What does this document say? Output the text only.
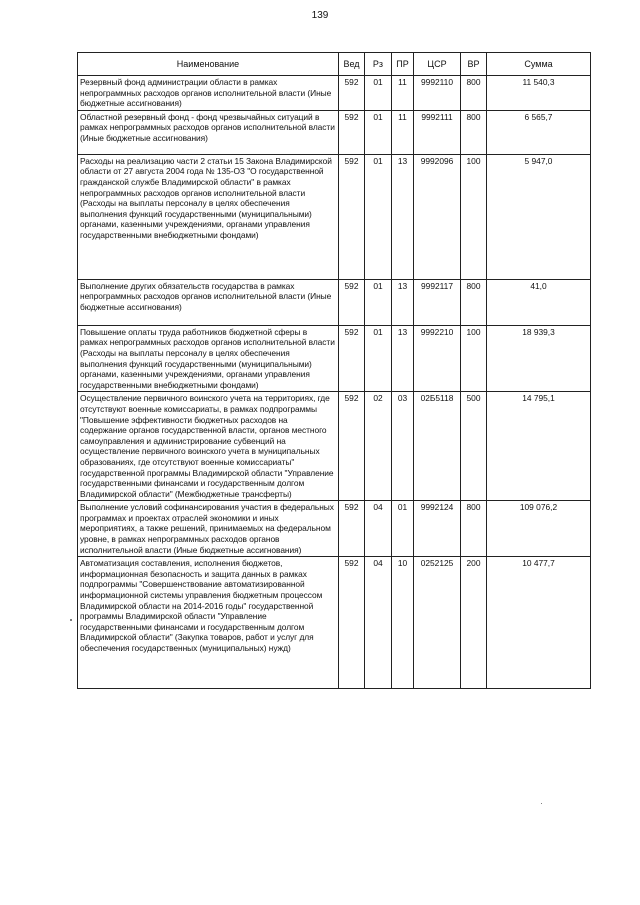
139
Наименование	Вед	Рз	ПР	ЦСР	ВР	Сумма
Резервный фонд администрации области в рамках непрограммных расходов органов исполнительной власти (Иные бюджетные ассигнования)	592	01	11	9992110	800	11 540,3
Областной резервный фонд - фонд чрезвычайных ситуаций в рамках непрограммных расходов органов исполнительной власти (Иные бюджетные ассигнования)	592	01	11	9992111	800	6 565,7
Расходы на реализацию части 2 статьи 15 Закона Владимирской области от 27 августа 2004 года № 135-ОЗ "О государственной гражданской службе Владимирской области" в рамках непрограммных расходов органов исполнительной власти (Расходы на выплаты персоналу в целях обеспечения выполнения функций государственными (муниципальными) органами, казенными учреждениями, органами управления государственными внебюджетными фондами)	592	01	13	9992096	100	5 947,0
Выполнение других обязательств государства в рамках непрограммных расходов органов исполнительной власти (Иные бюджетные ассигнования)	592	01	13	9992117	800	41,0
Повышение оплаты труда работников бюджетной сферы в рамках непрограммных расходов органов исполнительной власти (Расходы на выплаты персоналу в целях обеспечения выполнения функций государственными (муниципальными) органами, казенными учреждениями, органами управления государственными внебюджетными фондами)	592	01	13	9992210	100	18 939,3
Осуществление первичного воинского учета на территориях, где отсутствуют военные комиссариаты, в рамках подпрограммы "Повышение эффективности бюджетных расходов на содержание органов государственной власти, органов местного самоуправления и администрирование субвенций на осуществление первичного воинского учета в муниципальных образованиях, где отсутствуют военные комиссариаты" государственной программы Владимирской области "Управление государственными финансами и государственным долгом Владимирской области" (Межбюджетные трансферты)	592	02	03	02Б5118	500	14 795,1
Выполнение условий софинансирования участия в федеральных программах и проектах отраслей экономики и иных мероприятиях, а также решений, принимаемых на федеральном уровне, в рамках непрограммных расходов органов исполнительной власти (Иные бюджетные ассигнования)	592	04	01	9992124	800	109 076,2
Автоматизация составления, исполнения бюджетов, информационная безопасность и защита данных в рамках подпрограммы "Совершенствование автоматизированной информационной системы управления бюджетным процессом Владимирской области на 2014-2016 годы" государственной программы Владимирской области "Управление государственными финансами и государственным долгом Владимирской области" (Закупка товаров, работ и услуг для обеспечения государственных (муниципальных) нужд)	592	04	10	0252125	200	10 477,7
